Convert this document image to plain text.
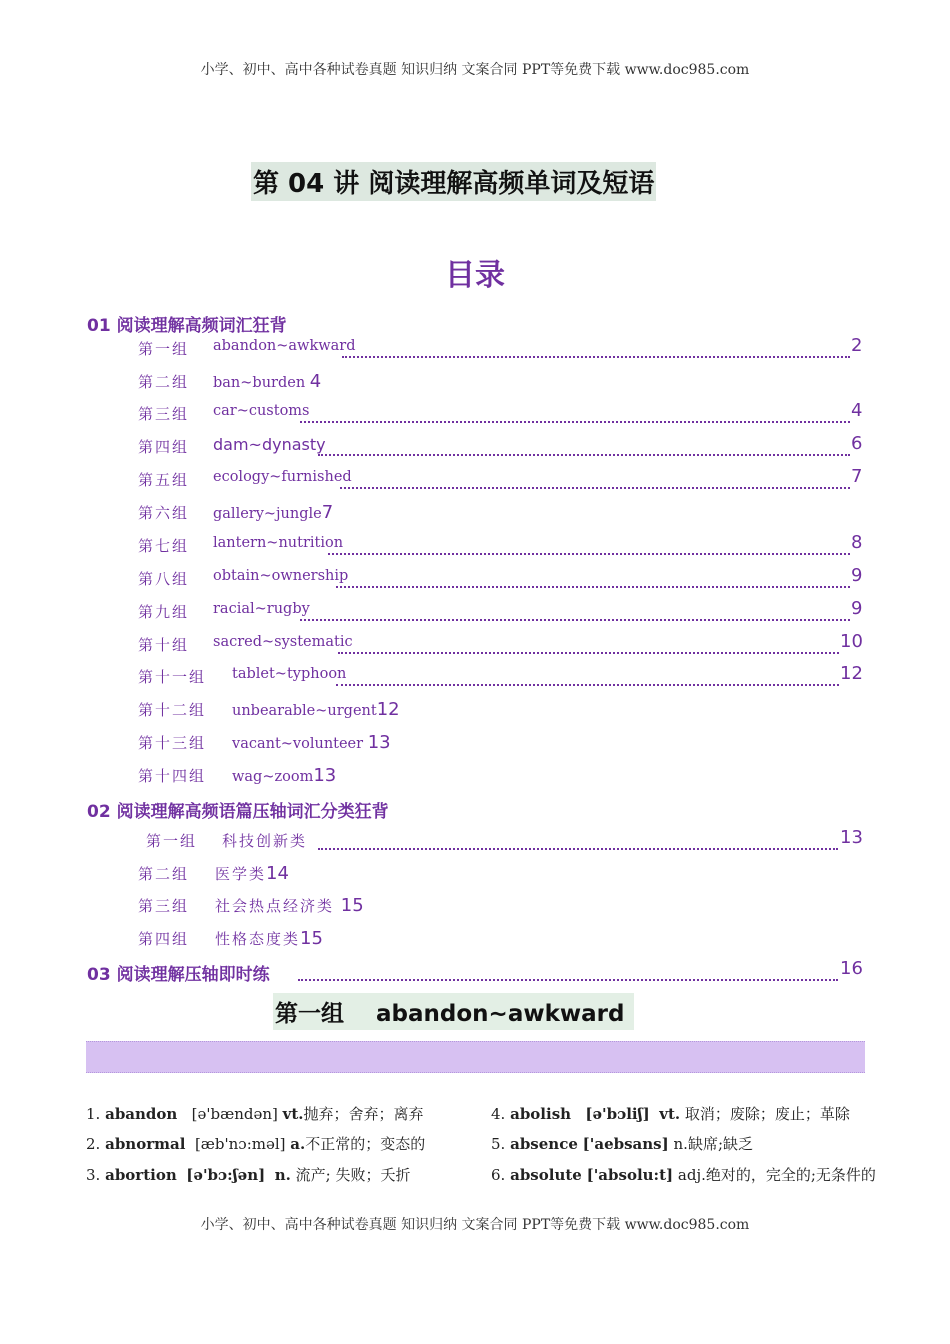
小学、初中、高中各种试卷真题 知识归纳 文案合同 PPT等免费下载 www.doc985.com
第 04 讲 阅读理解高频单词及短语
目录
01 阅读理解高频词汇狂背
第一组 abandon~awkward	2
第二组 ban~burden 4
第三组 car~customs	4
第四组 dam~dynasty	6
第五组 ecology~furnished	7
第六组 gallery~jungle7
第七组 lantern~nutrition	8
第八组 obtain~ownership	9
第九组 racial~rugby	9
第十组 sacred~systematic	10
第十一组 tablet~typhoon	12
第十二组 unbearable~urgent12
第十三组 vacant~volunteer 13
第十四组 wag~zoom13
02 阅读理解高频语篇压轴词汇分类狂背
第一组 科技创新类	13
第二组 医学类14
第三组 社会热点经济类 15
第四组 性格态度类15
03 阅读理解压轴即时练	16
第一组 abandon~awkward
1. abandon [ə'bændən] vt.抛弃；舍弃；离弃
2. abnormal [æb'nɔ:məl] a.不正常的；变态的
3. abortion [ə'bɔ:ʃən] n. 流产; 失败；夭折
4. abolish [ə'bɔliʃ] vt. 取消；废除；废止；革除
5. absence ['aebsans] n.缺席;缺乏
6. absolute ['absolu:t] adj.绝对的，完全的;无条件的
小学、初中、高中各种试卷真题 知识归纳 文案合同 PPT等免费下载 www.doc985.com
